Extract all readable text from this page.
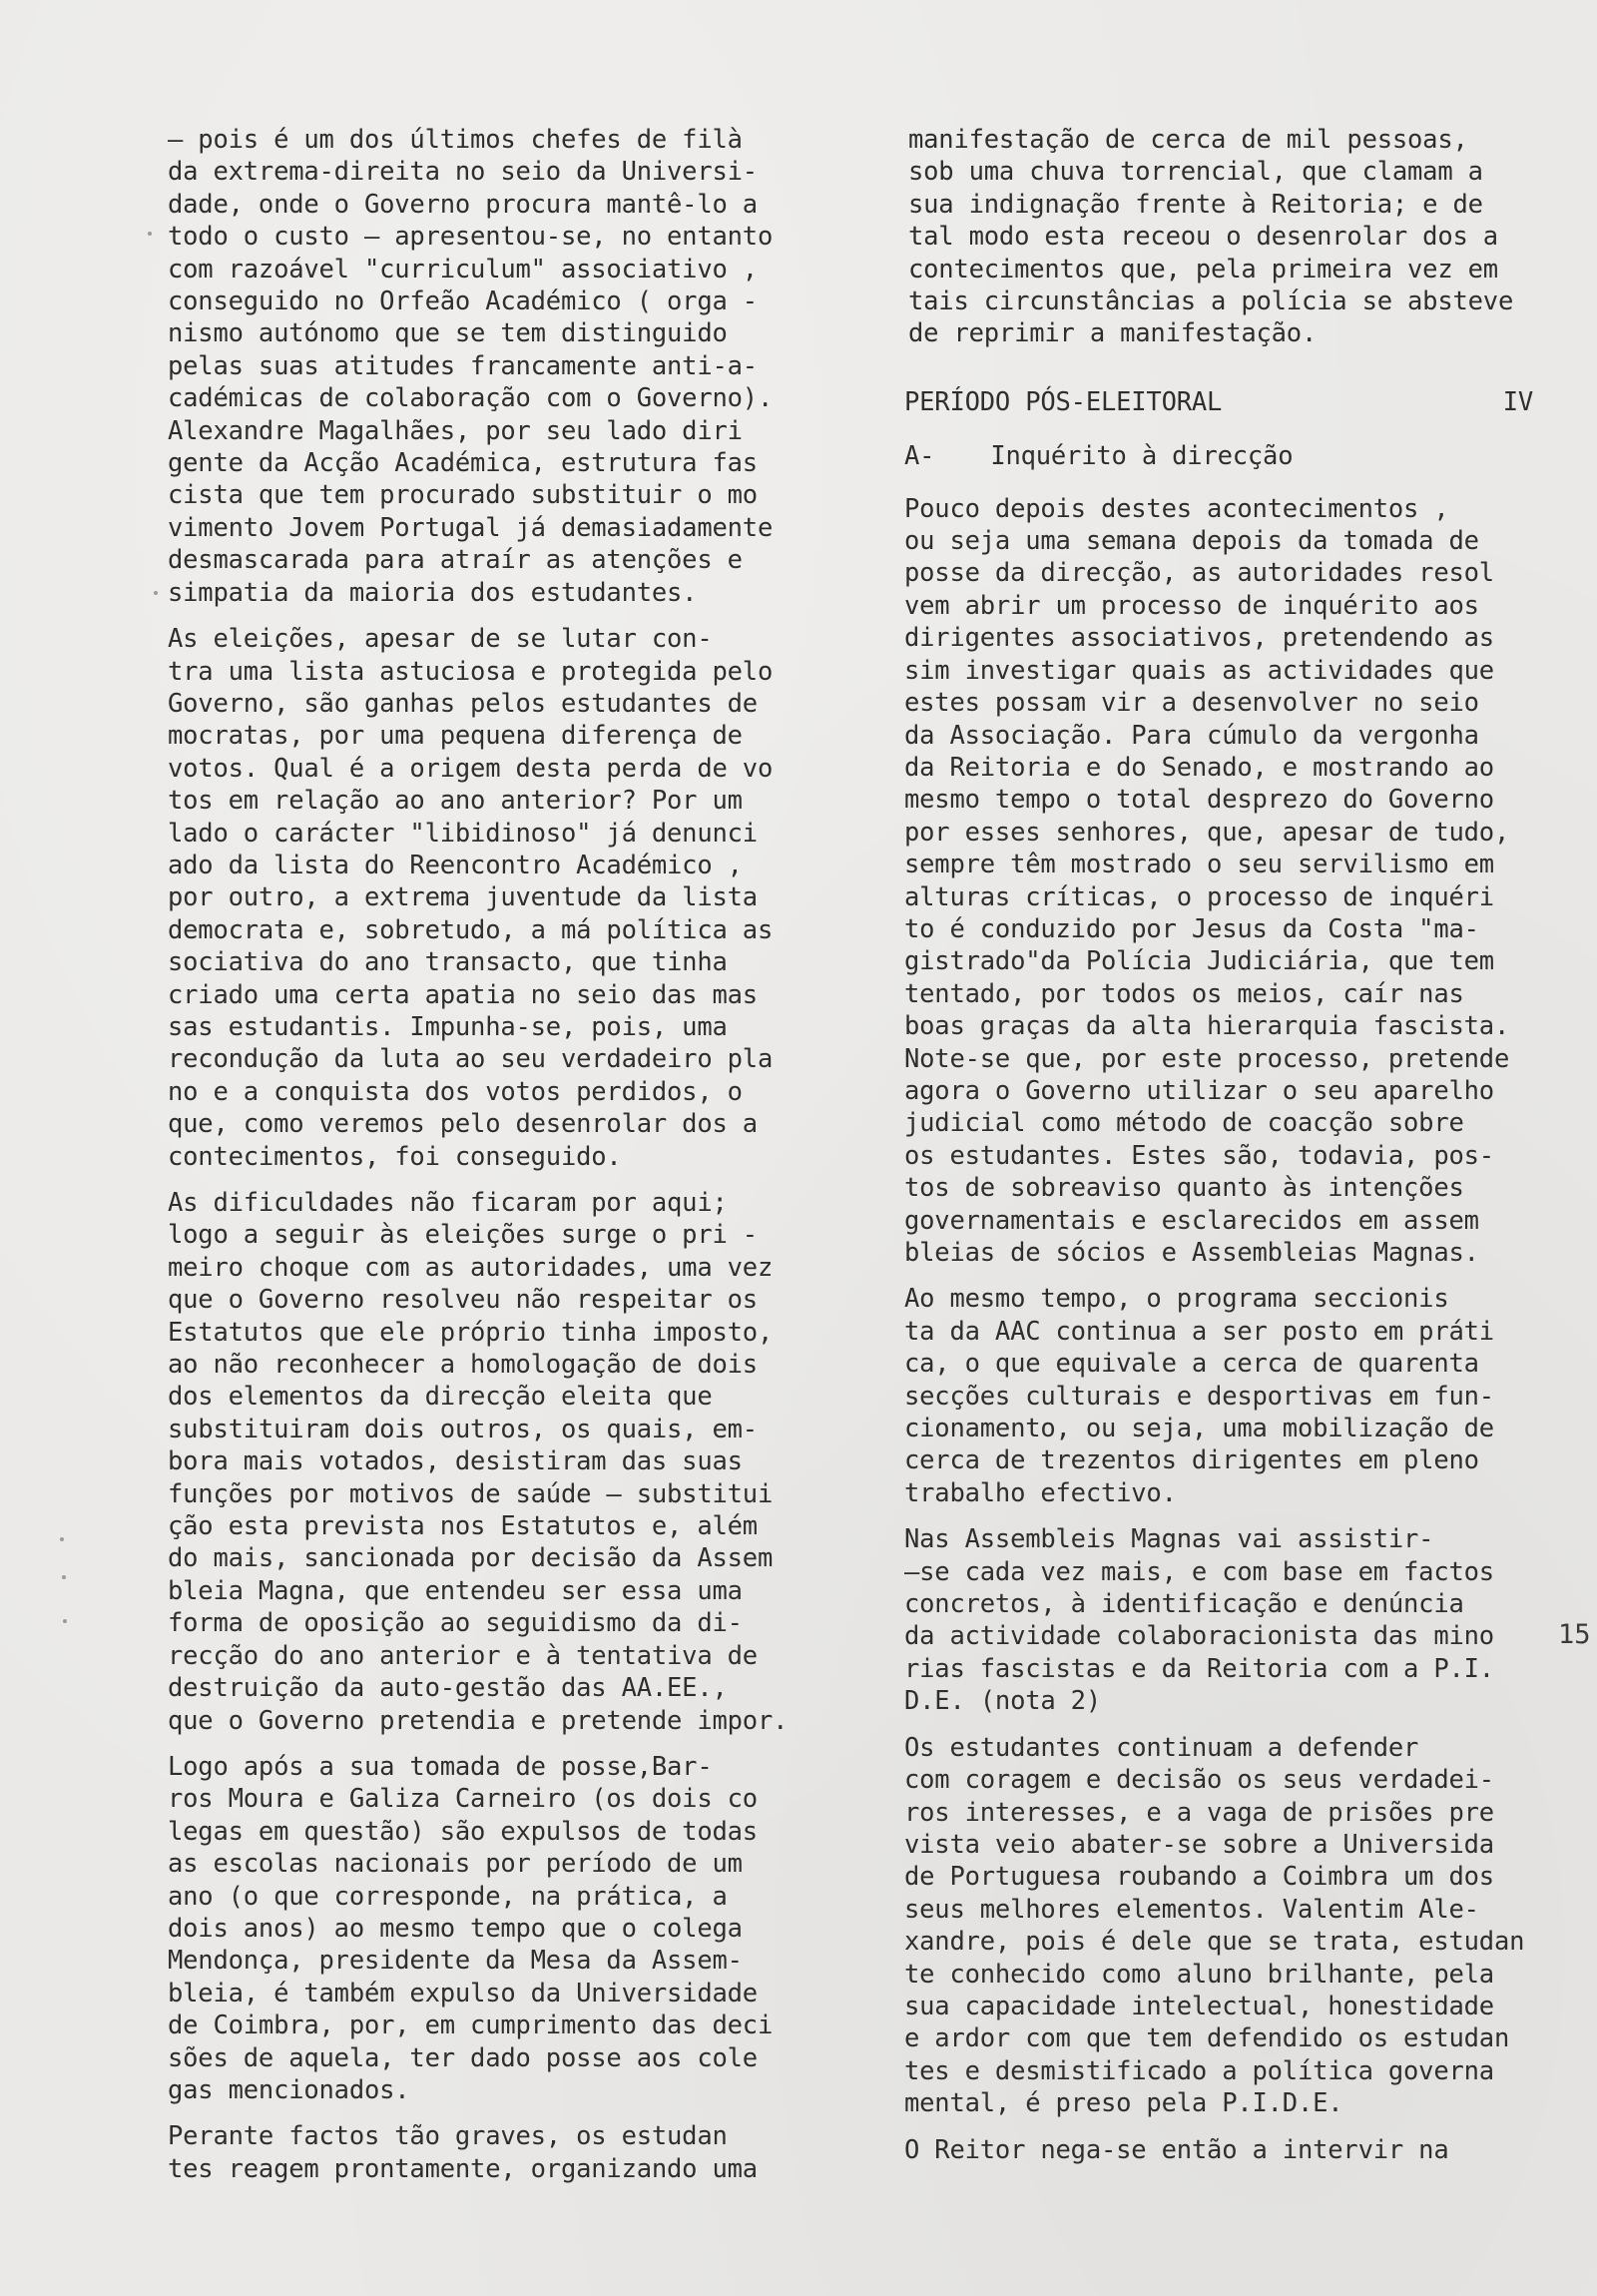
– pois é um dos últimos chefes de filà
da extrema-direita no seio da Universi-
dade, onde o Governo procura mantê-lo a
todo o custo – apresentou-se, no entanto
com razoável "curriculum" associativo ,
conseguido no Orfeão Académico ( orga -
nismo autónomo que se tem distinguido
pelas suas atitudes francamente anti-a-
cadémicas de colaboração com o Governo).
Alexandre Magalhães, por seu lado diri
gente da Acção Académica, estrutura fas
cista que tem procurado substituir o mo
vimento Jovem Portugal já demasiadamente
desmascarada para atraír as atenções e
simpatia da maioria dos estudantes.

As eleições, apesar de se lutar con-
tra uma lista astuciosa e protegida pelo
Governo, são ganhas pelos estudantes de
mocratas, por uma pequena diferença de
votos. Qual é a origem desta perda de vo
tos em relação ao ano anterior? Por um
lado o carácter "libidinoso" já denunci
ado da lista do Reencontro Académico ,
por outro, a extrema juventude da lista
democrata e, sobretudo, a má política as
sociativa do ano transacto, que tinha
criado uma certa apatia no seio das mas
sas estudantis. Impunha-se, pois, uma
recondução da luta ao seu verdadeiro pla
no e a conquista dos votos perdidos, o
que, como veremos pelo desenrolar dos a
contecimentos, foi conseguido.

As dificuldades não ficaram por aqui;
logo a seguir às eleições surge o pri -
meiro choque com as autoridades, uma vez
que o Governo resolveu não respeitar os
Estatutos que ele próprio tinha imposto,
ao não reconhecer a homologação de dois
dos elementos da direcção eleita que
substituiram dois outros, os quais, em-
bora mais votados, desistiram das suas
funções por motivos de saúde – substitui
ção esta prevista nos Estatutos e, além
do mais, sancionada por decisão da Assem
bleia Magna, que entendeu ser essa uma
forma de oposição ao seguidismo da di-
recção do ano anterior e à tentativa de
destruição da auto-gestão das AA.EE.,
que o Governo pretendia e pretende impor.

Logo após a sua tomada de posse,Bar-
ros Moura e Galiza Carneiro (os dois co
legas em questão) são expulsos de todas
as escolas nacionais por período de um
ano (o que corresponde, na prática, a
dois anos) ao mesmo tempo que o colega
Mendonça, presidente da Mesa da Assem-
bleia, é também expulso da Universidade
de Coimbra, por, em cumprimento das deci
sões de aquela, ter dado posse aos cole
gas mencionados.

Perante factos tão graves, os estudan
tes reagem prontamente, organizando uma

manifestação de cerca de mil pessoas,
sob uma chuva torrencial, que clamam a
sua indignação frente à Reitoria; e de
tal modo esta receou o desenrolar dos a
contecimentos que, pela primeira vez em
tais circunstâncias a polícia se absteve
de reprimir a manifestação.

PERÍODO PÓS-ELEITORAL	IV
A- Inquérito à direcção

Pouco depois destes acontecimentos ,
ou seja uma semana depois da tomada de
posse da direcção, as autoridades resol
vem abrir um processo de inquérito aos
dirigentes associativos, pretendendo as
sim investigar quais as actividades que
estes possam vir a desenvolver no seio
da Associação. Para cúmulo da vergonha
da Reitoria e do Senado, e mostrando ao
mesmo tempo o total desprezo do Governo
por esses senhores, que, apesar de tudo,
sempre têm mostrado o seu servilismo em
alturas críticas, o processo de inquéri
to é conduzido por Jesus da Costa "ma-
gistrado"da Polícia Judiciária, que tem
tentado, por todos os meios, caír nas
boas graças da alta hierarquia fascista.
Note-se que, por este processo, pretende
agora o Governo utilizar o seu aparelho
judicial como método de coacção sobre
os estudantes. Estes são, todavia, pos-
tos de sobreaviso quanto às intenções
governamentais e esclarecidos em assem
bleias de sócios e Assembleias Magnas.

Ao mesmo tempo, o programa seccionis
ta da AAC continua a ser posto em práti
ca, o que equivale a cerca de quarenta
secções culturais e desportivas em fun-
cionamento, ou seja, uma mobilização de
cerca de trezentos dirigentes em pleno
trabalho efectivo.

Nas Assembleis Magnas vai assistir-
–se cada vez mais, e com base em factos
concretos, à identificação e denúncia
da actividade colaboracionista das mino
rias fascistas e da Reitoria com a P.I.
D.E. (nota 2)

Os estudantes continuam a defender
com coragem e decisão os seus verdadei-
ros interesses, e a vaga de prisões pre
vista veio abater-se sobre a Universida
de Portuguesa roubando a Coimbra um dos
seus melhores elementos. Valentim Ale-
xandre, pois é dele que se trata, estudan
te conhecido como aluno brilhante, pela
sua capacidade intelectual, honestidade
e ardor com que tem defendido os estudan
tes e desmistificado a política governa
mental, é preso pela P.I.D.E.

O Reitor nega-se então a intervir na

15
